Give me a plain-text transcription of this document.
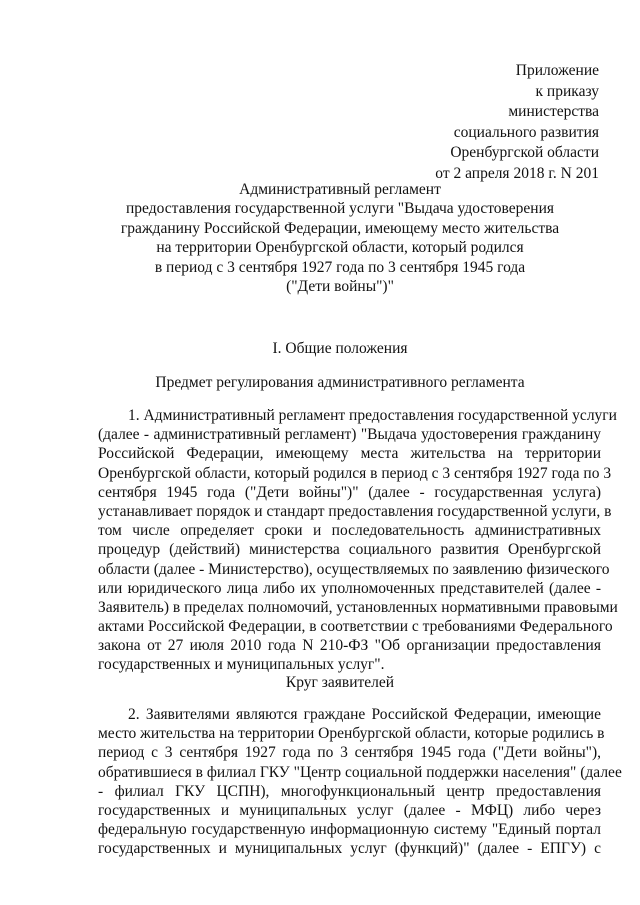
Приложение
к приказу
министерства
социального развития
Оренбургской области
от 2 апреля 2018 г. N 201
Административный регламент
предоставления государственной услуги "Выдача удостоверения
гражданину Российской Федерации, имеющему место жительства
на территории Оренбургской области, который родился
в период с 3 сентября 1927 года по 3 сентября 1945 года
("Дети войны")"
I. Общие положения
Предмет регулирования административного регламента
1. Административный регламент предоставления государственной услуги
(далее - административный регламент) "Выдача удостоверения гражданину
Российской Федерации, имеющему места жительства на территории
Оренбургской области, который родился в период с 3 сентября 1927 года по 3
сентября 1945 года ("Дети войны")" (далее - государственная услуга)
устанавливает порядок и стандарт предоставления государственной услуги, в
том числе определяет сроки и последовательность административных
процедур (действий) министерства социального развития Оренбургской
области (далее - Министерство), осуществляемых по заявлению физического
или юридического лица либо их уполномоченных представителей (далее -
Заявитель) в пределах полномочий, установленных нормативными правовыми
актами Российской Федерации, в соответствии с требованиями Федерального
закона от 27 июля 2010 года N 210-ФЗ "Об организации предоставления
государственных и муниципальных услуг".
Круг заявителей
2. Заявителями являются граждане Российской Федерации, имеющие
место жительства на территории Оренбургской области, которые родились в
период с 3 сентября 1927 года по 3 сентября 1945 года ("Дети войны"),
обратившиеся в филиал ГКУ "Центр социальной поддержки населения" (далее
- филиал ГКУ ЦСПН), многофункциональный центр предоставления
государственных и муниципальных услуг (далее - МФЦ) либо через
федеральную государственную информационную систему "Единый портал
государственных и муниципальных услуг (функций)" (далее - ЕПГУ) с
